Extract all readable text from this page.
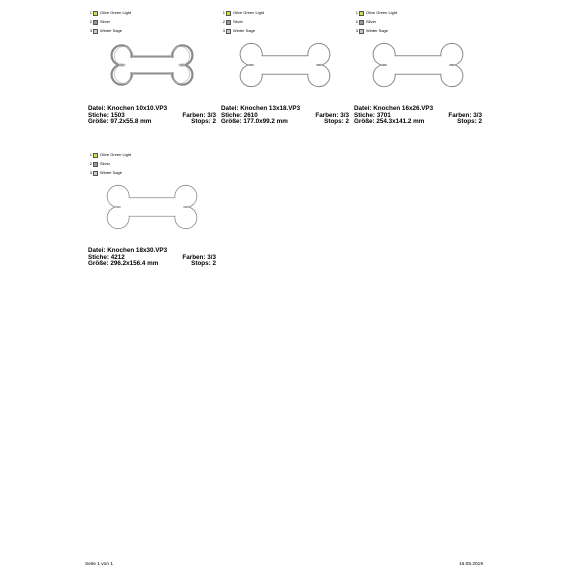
1 Olive Green Light
2 Silver
3 Winter Sage
Datei: Knochen 10x10.VP3
Stiche: 1503	Farben: 3/3
Größe: 97.2x55.8 mm	Stops: 2
1 Olive Green Light
2 Silver
3 Winter Sage
Datei: Knochen 13x18.VP3
Stiche: 2610	Farben: 3/3
Größe: 177.0x99.2 mm	Stops: 2
1 Olive Green Light
2 Silver
3 Winter Sage
Datei: Knochen 16x26.VP3
Stiche: 3701	Farben: 3/3
Größe: 254.3x141.2 mm	Stops: 2
1 Olive Green Light
2 Silver
3 Winter Sage
Datei: Knochen 18x30.VP3
Stiche: 4212	Farben: 3/3
Größe: 296.2x156.4 mm	Stops: 2
Seite 1 von 1	16.05.2019
